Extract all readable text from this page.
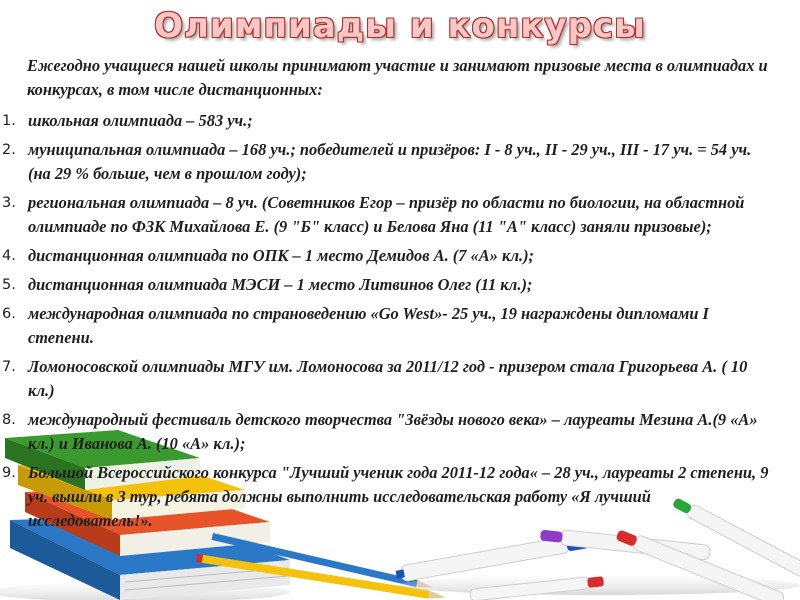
Олимпиады и конкурсы

Ежегодно учащиеся нашей школы принимают участие и занимают призовые места в олимпиадах и конкурсах, в том числе дистанционных:

1. школьная олимпиада – 583 уч.;
2. муниципальная олимпиада – 168 уч.; победителей и призёров: I - 8 уч., II - 29 уч., III - 17 уч. = 54 уч. (на 29 % больше, чем в прошлом году);
3. региональная олимпиада – 8 уч. (Советников Егор – призёр по области по биологии, на областной олимпиаде по ФЗК Михайлова Е. (9 "Б" класс) и Белова Яна (11 "А" класс) заняли призовые);
4. дистанционная олимпиада по ОПК – 1 место Демидов А. (7 «А» кл.);
5. дистанционная олимпиада МЭСИ – 1 место Литвинов Олег (11 кл.);
6. международная олимпиада по страноведению «Go West»- 25 уч., 19 награждены дипломами I степени.
7. Ломоносовской олимпиады МГУ им. Ломоносова за 2011/12 год - призером стала Григорьева А. ( 10 кл.)
8. международный фестиваль детского творчества "Звёзды нового века» – лауреаты Мезина А.(9 «А» кл.) и Иванова А. (10 «А» кл.);
9. Большой Всероссийского конкурса "Лучший ученик года 2011-12 года« – 28 уч., лауреаты 2 степени, 9 уч. вышли в 3 тур, ребята должны выполнить исследовательская работу «Я лучший исследователь!».
